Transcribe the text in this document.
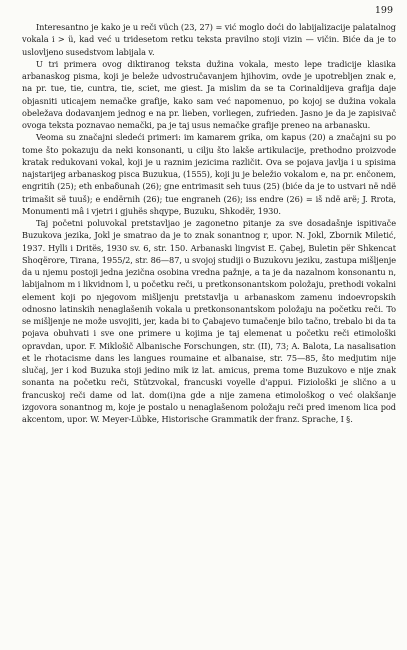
199

Interesantno je kako je u reči vüch (23, 27) = vić moglo doći do labijalizacije palatalnog vokala i > ü, kad već u tridesetom retku teksta pravilno stoji vizin — vičin. Biće da je to uslovljeno susedstvom labijala v.

U tri primera ovog diktiranog teksta dužina vokala, mesto lepe tradicije klasika arbanaskog pisma, koji je beleže udvostručavanjem hjihovim, ovde je upotrebljen znak e, na pr. tue, tie, cuntra, tie, sciet, me giest. Ja mislim da se ta Corinaldijeva grafija daje objasniti uticajem nemačke grafije, kako sam već napomenuo, po kojoj se dužina vokala obeležava dodavanjem jednog e na pr. lieben, vorliegen, zufrieden. Jasno je da je zapisivač ovoga teksta poznavao nemački, pa je taj usus nemačke grafije preneo na arbanasku.

Veoma su značajni sledeći primeri: im kamarem grika, om kapus (20) a značajni su po tome što pokazuju da neki konsonanti, u cilju što lakše artikulacije, prethodno proizvode kratak redukovani vokal, koji je u raznim jezicima različit. Ova se pojava javlja i u spisima najstarijeg arbanaskog pisca Buzukua, (1555), koji ju je beležio vokalom e, na pr. enčonem, engritih (25); eth enbaδunah (26); gne entrimasit seh tuus (25) (biće da je to ustvari në ndë trimašit së tuuš); e endërnih (26); tue engraneh (26); iss endre (26) = iš ndë arë; J. Rrota, Monumenti mâ i vjetri i gjuhës shqype, Buzuku, Shkodër, 1930.

Taj početni poluvokal pretstavljao je zagonetno pitanje za sve dosadašnje ispitivače Buzukova jezika, Jokl je smatrao da je to znak sonantnog r, upor. N. Jokl, Zbornik Miletić, 1937. Hylli i Dritës, 1930 sv. 6, str. 150. Arbanaski lingvist E. Çabej, Buletin për Shkencat Shoqërore, Tirana, 1955/2, str. 86—87, u svojoj studiji o Buzukovu jeziku, zastupa mišljenje da u njemu postoji jedna jezična osobina vredna pažnje, a ta je da nazalnom konsonantu n, labijalnom m i likvidnom l, u početku reči, u pretkonsonantskom položaju, prethodi vokalni element koji po njegovom mišljenju pretstavlja u arbanaskom zamenu indoevropskih odnosno latinskih nenaglašenih vokala u pretkonsonantskom položaju na početku reči. To se mišljenje ne može usvojiti, jer, kada bi to Çabajevo tumačenje bilo tačno, trebalo bi da ta pojava obuhvati i sve one primere u kojima je taj elemenat u početku reči etimološki opravdan, upor. F. Miklošič Albanische Forschungen, str. (II), 73; A. Balota, La nasalisation et le rhotacisme dans les langues roumaine et albanaise, str. 75—85, što medjutim nije slučaj, jer i kod Buzuka stoji jedino mik iz lat. amicus, prema tome Buzukovo e nije znak sonanta na početku reči, Stützvokal, francuski voyelle d'appui. Fiziološki je slično a u francuskoj reči dame od lat. dom(i)na gde a nije zamena etimološkog o već olakšanje izgovora sonantnog m, koje je postalo u nenaglašenom položaju reči pred imenom lica pod akcentom, upor. W. Meyer-Lübke, Historische Grammatik der franz. Sprache, I §.
